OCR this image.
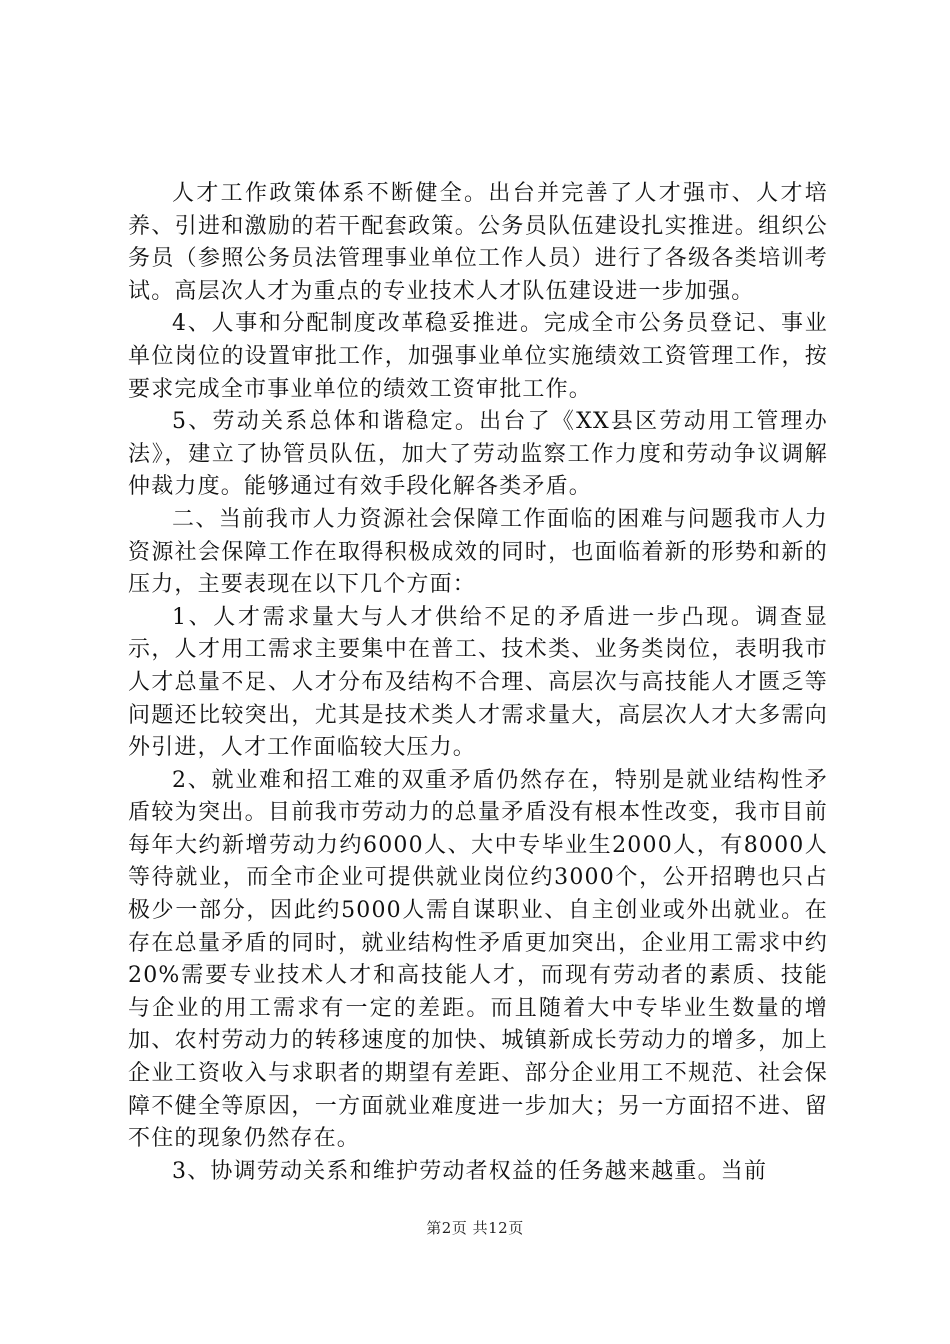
人才工作政策体系不断健全。出台并完善了人才强市、人才培养、引进和激励的若干配套政策。公务员队伍建设扎实推进。组织公务员（参照公务员法管理事业单位工作人员）进行了各级各类培训考试。高层次人才为重点的专业技术人才队伍建设进一步加强。

4、人事和分配制度改革稳妥推进。完成全市公务员登记、事业单位岗位的设置审批工作，加强事业单位实施绩效工资管理工作，按要求完成全市事业单位的绩效工资审批工作。

5、劳动关系总体和谐稳定。出台了《XX县区劳动用工管理办法》，建立了协管员队伍，加大了劳动监察工作力度和劳动争议调解仲裁力度。能够通过有效手段化解各类矛盾。

二、当前我市人力资源社会保障工作面临的困难与问题我市人力资源社会保障工作在取得积极成效的同时，也面临着新的形势和新的压力，主要表现在以下几个方面：

1、人才需求量大与人才供给不足的矛盾进一步凸现。调查显示，人才用工需求主要集中在普工、技术类、业务类岗位，表明我市人才总量不足、人才分布及结构不合理、高层次与高技能人才匮乏等问题还比较突出，尤其是技术类人才需求量大，高层次人才大多需向外引进，人才工作面临较大压力。

2、就业难和招工难的双重矛盾仍然存在，特别是就业结构性矛盾较为突出。目前我市劳动力的总量矛盾没有根本性改变，我市目前每年大约新增劳动力约6000人、大中专毕业生2000人，有8000人等待就业，而全市企业可提供就业岗位约3000个，公开招聘也只占极少一部分，因此约5000人需自谋职业、自主创业或外出就业。在存在总量矛盾的同时，就业结构性矛盾更加突出，企业用工需求中约20%需要专业技术人才和高技能人才，而现有劳动者的素质、技能与企业的用工需求有一定的差距。而且随着大中专毕业生数量的增加、农村劳动力的转移速度的加快、城镇新成长劳动力的增多，加上企业工资收入与求职者的期望有差距、部分企业用工不规范、社会保障不健全等原因，一方面就业难度进一步加大；另一方面招不进、留不住的现象仍然存在。

3、协调劳动关系和维护劳动者权益的任务越来越重。当前

第2页 共12页
